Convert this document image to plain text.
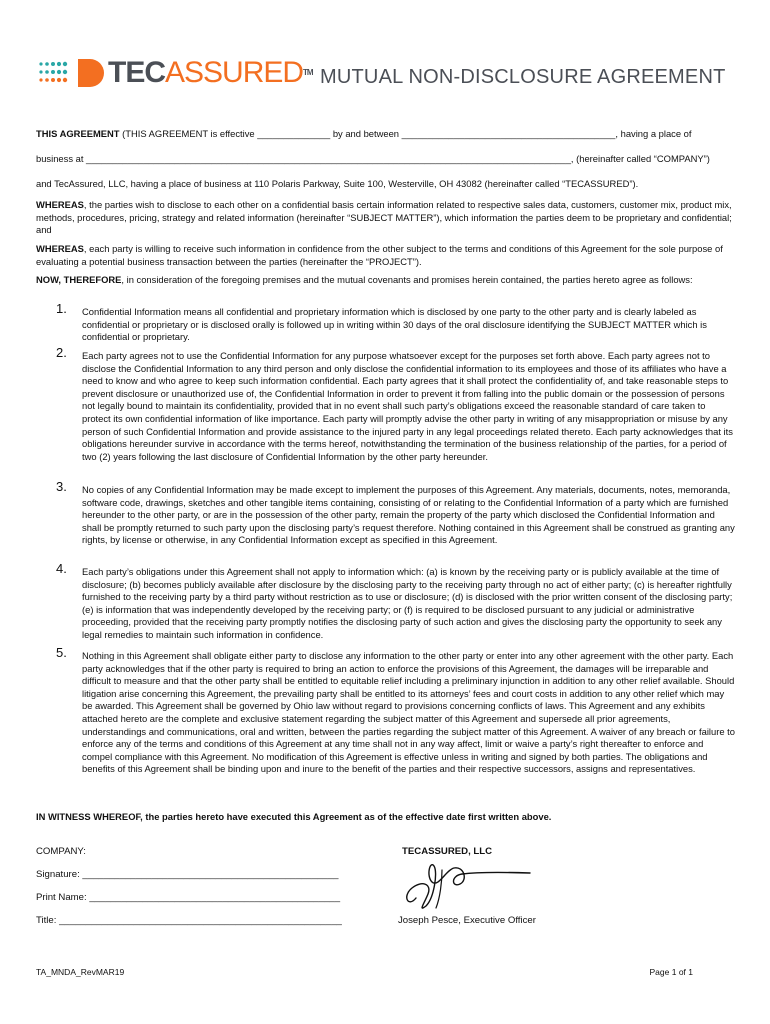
TECASSURED™ MUTUAL NON-DISCLOSURE AGREEMENT
THIS AGREEMENT (THIS AGREEMENT is effective ______________ by and between _________________________________________, having a place of
business at _____________________________________________________________________________________________, (hereinafter called “COMPANY”)
and TecAssured, LLC, having a place of business at 110 Polaris Parkway, Suite 100, Westerville, OH 43082 (hereinafter called “TECASSURED”).
WHEREAS, the parties wish to disclose to each other on a confidential basis certain information related to respective sales data, customers, customer mix, product mix, methods, procedures, pricing, strategy and related information (hereinafter “SUBJECT MATTER”), which information the parties deem to be proprietary and confidential; and
WHEREAS, each party is willing to receive such information in confidence from the other subject to the terms and conditions of this Agreement for the sole purpose of evaluating a potential business transaction between the parties (hereinafter the “PROJECT”).
NOW, THEREFORE, in consideration of the foregoing premises and the mutual covenants and promises herein contained, the parties hereto agree as follows:
1. Confidential Information means all confidential and proprietary information which is disclosed by one party to the other party and is clearly labeled as confidential or proprietary or is disclosed orally is followed up in writing within 30 days of the oral disclosure identifying the SUBJECT MATTER which is confidential or proprietary.
2. Each party agrees not to use the Confidential Information for any purpose whatsoever except for the purposes set forth above. Each party agrees not to disclose the Confidential Information to any third person and only disclose the confidential information to its employees and those of its affiliates who have a need to know and who agree to keep such information confidential. Each party agrees that it shall protect the confidentiality of, and take reasonable steps to prevent disclosure or unauthorized use of, the Confidential Information in order to prevent it from falling into the public domain or the possession of persons not legally bound to maintain its confidentiality, provided that in no event shall such party’s obligations exceed the reasonable standard of care taken to protect its own confidential information of like importance. Each party will promptly advise the other party in writing of any misappropriation or misuse by any person of such Confidential Information and provide assistance to the injured party in any legal proceedings related thereto. Each party acknowledges that its obligations hereunder survive in accordance with the terms hereof, notwithstanding the termination of the business relationship of the parties, for a period of two (2) years following the last disclosure of Confidential Information by the other party hereunder.
3. No copies of any Confidential Information may be made except to implement the purposes of this Agreement. Any materials, documents, notes, memoranda, software code, drawings, sketches and other tangible items containing, consisting of or relating to the Confidential Information of a party which are furnished hereunder to the other party, or are in the possession of the other party, remain the property of the party which disclosed the Confidential Information and shall be promptly returned to such party upon the disclosing party’s request therefore. Nothing contained in this Agreement shall be construed as granting any rights, by license or otherwise, in any Confidential Information except as specified in this Agreement.
4. Each party’s obligations under this Agreement shall not apply to information which: (a) is known by the receiving party or is publicly available at the time of disclosure; (b) becomes publicly available after disclosure by the disclosing party to the receiving party through no act of either party; (c) is hereafter rightfully furnished to the receiving party by a third party without restriction as to use or disclosure; (d) is disclosed with the prior written consent of the disclosing party; (e) is information that was independently developed by the receiving party; or (f) is required to be disclosed pursuant to any judicial or administrative proceeding, provided that the receiving party promptly notifies the disclosing party of such action and gives the disclosing party the opportunity to seek any legal remedies to maintain such information in confidence.
5. Nothing in this Agreement shall obligate either party to disclose any information to the other party or enter into any other agreement with the other party. Each party acknowledges that if the other party is required to bring an action to enforce the provisions of this Agreement, the damages will be irreparable and difficult to measure and that the other party shall be entitled to equitable relief including a preliminary injunction in addition to any other relief available. Should litigation arise concerning this Agreement, the prevailing party shall be entitled to its attorneys’ fees and court costs in addition to any other relief which may be awarded. This Agreement shall be governed by Ohio law without regard to provisions concerning conflicts of laws. This Agreement and any exhibits attached hereto are the complete and exclusive statement regarding the subject matter of this Agreement and supersede all prior agreements, understandings and communications, oral and written, between the parties regarding the subject matter of this Agreement. A waiver of any breach or failure to enforce any of the terms and conditions of this Agreement at any time shall not in any way affect, limit or waive a party’s right thereafter to enforce and compel compliance with this Agreement. No modification of this Agreement is effective unless in writing and signed by both parties. The obligations and benefits of this Agreement shall be binding upon and inure to the benefit of the parties and their respective successors, assigns and representatives.
IN WITNESS WHEREOF, the parties hereto have executed this Agreement as of the effective date first written above.
COMPANY:
Signature: ________________________________________________
Print Name: _______________________________________________
Title: _____________________________________________________
TECASSURED, LLC
Joseph Pesce, Executive Officer
TA_MNDA_RevMAR19	Page 1 of 1
